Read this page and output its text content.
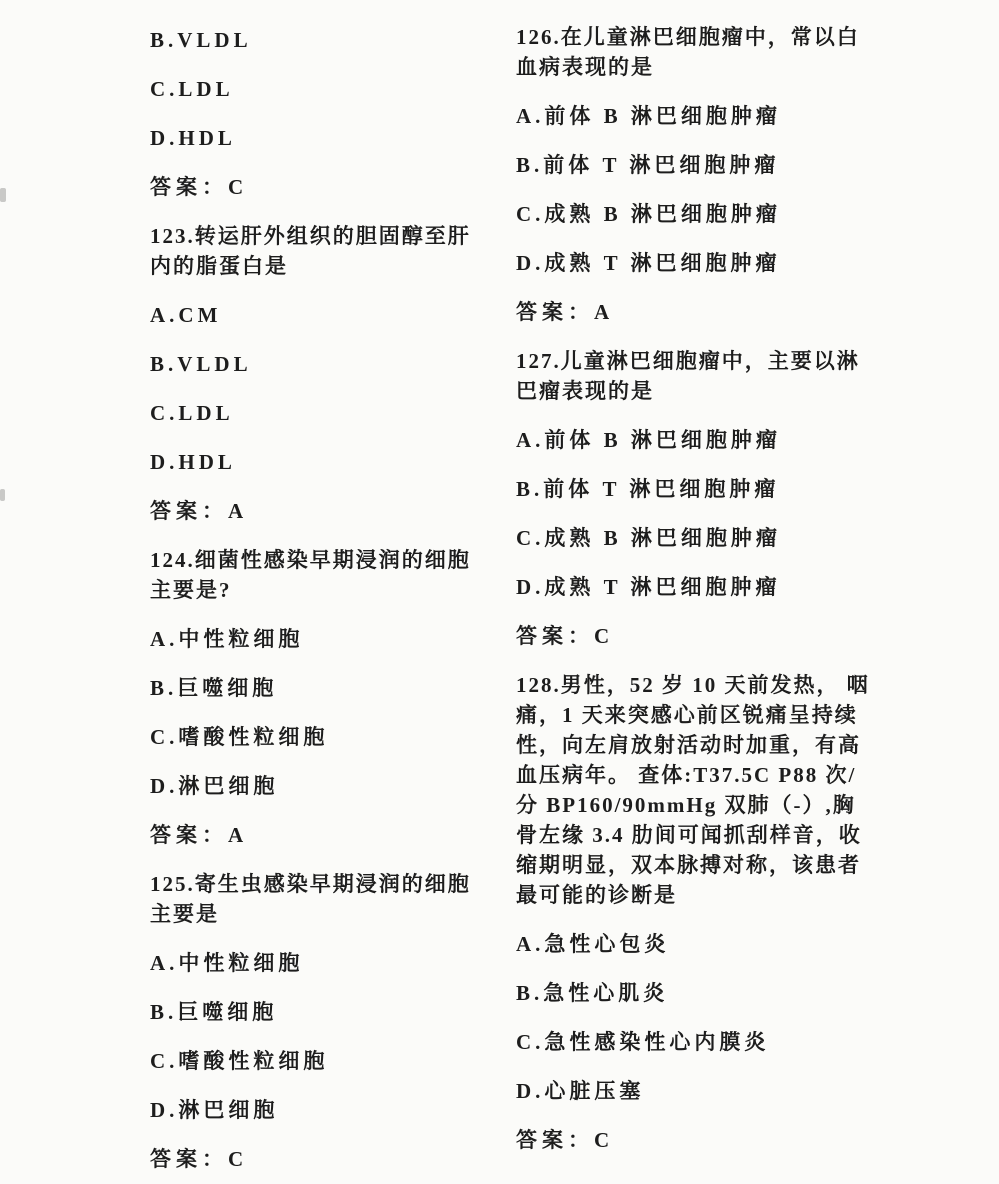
B.VLDL

C.LDL

D.HDL

答案：C

123.转运肝外组织的胆固醇至肝
内的脂蛋白是

A.CM

B.VLDL

C.LDL

D.HDL

答案：A

124.细菌性感染早期浸润的细胞
主要是?

A.中性粒细胞

B.巨噬细胞

C.嗜酸性粒细胞

D.淋巴细胞

答案：A

125.寄生虫感染早期浸润的细胞
主要是

A.中性粒细胞

B.巨噬细胞

C.嗜酸性粒细胞

D.淋巴细胞

答案：C

126.在儿童淋巴细胞瘤中，常以白
血病表现的是

A.前体 B 淋巴细胞肿瘤

B.前体 T 淋巴细胞肿瘤

C.成熟 B 淋巴细胞肿瘤

D.成熟 T 淋巴细胞肿瘤

答案：A

127.儿童淋巴细胞瘤中，主要以淋
巴瘤表现的是

A.前体 B 淋巴细胞肿瘤

B.前体 T 淋巴细胞肿瘤

C.成熟 B 淋巴细胞肿瘤

D.成熟 T 淋巴细胞肿瘤

答案：C

128.男性，52 岁 10 天前发热， 咽
痛，1 天来突感心前区锐痛呈持续
性，向左肩放射活动时加重，有高
血压病年。 查体:T37.5C P88 次/
分 BP160/90mmHg 双肺（-）,胸
骨左缘 3.4 肋间可闻抓刮样音，收
缩期明显，双本脉搏对称，该患者
最可能的诊断是

A.急性心包炎

B.急性心肌炎

C.急性感染性心内膜炎

D.心脏压塞

答案：C
